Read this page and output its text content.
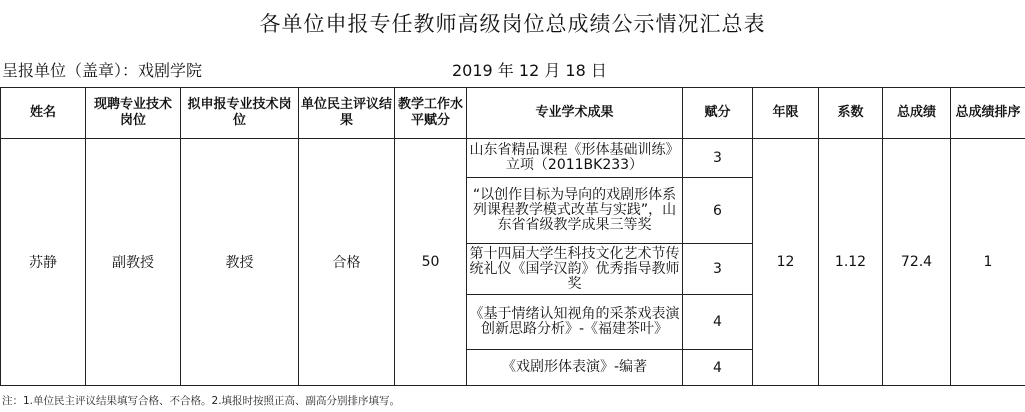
各单位申报专任教师高级岗位总成绩公示情况汇总表
呈报单位（盖章）：戏剧学院	2019 年 12 月 18 日
姓名	现聘专业技术岗位	拟申报专业技术岗位	单位民主评议结果	教学工作水平赋分	专业学术成果	赋分	年限	系数	总成绩	总成绩排序
苏静	副教授	教授	合格	50	山东省精品课程《形体基础训练》立项（2011BK233）	3	12	1.12	72.4	1
					“以创作目标为导向的戏剧形体系列课程教学模式改革与实践”，山东省省级教学成果三等奖	6				
					第十四届大学生科技文化艺术节传统礼仪《国学汉韵》优秀指导教师奖	3				
					《基于情绪认知视角的采茶戏表演创新思路分析》-《福建茶叶》	4				
					《戏剧形体表演》-编著	4				
注：1.单位民主评议结果填写合格、不合格。2.填报时按照正高、副高分别排序填写。
